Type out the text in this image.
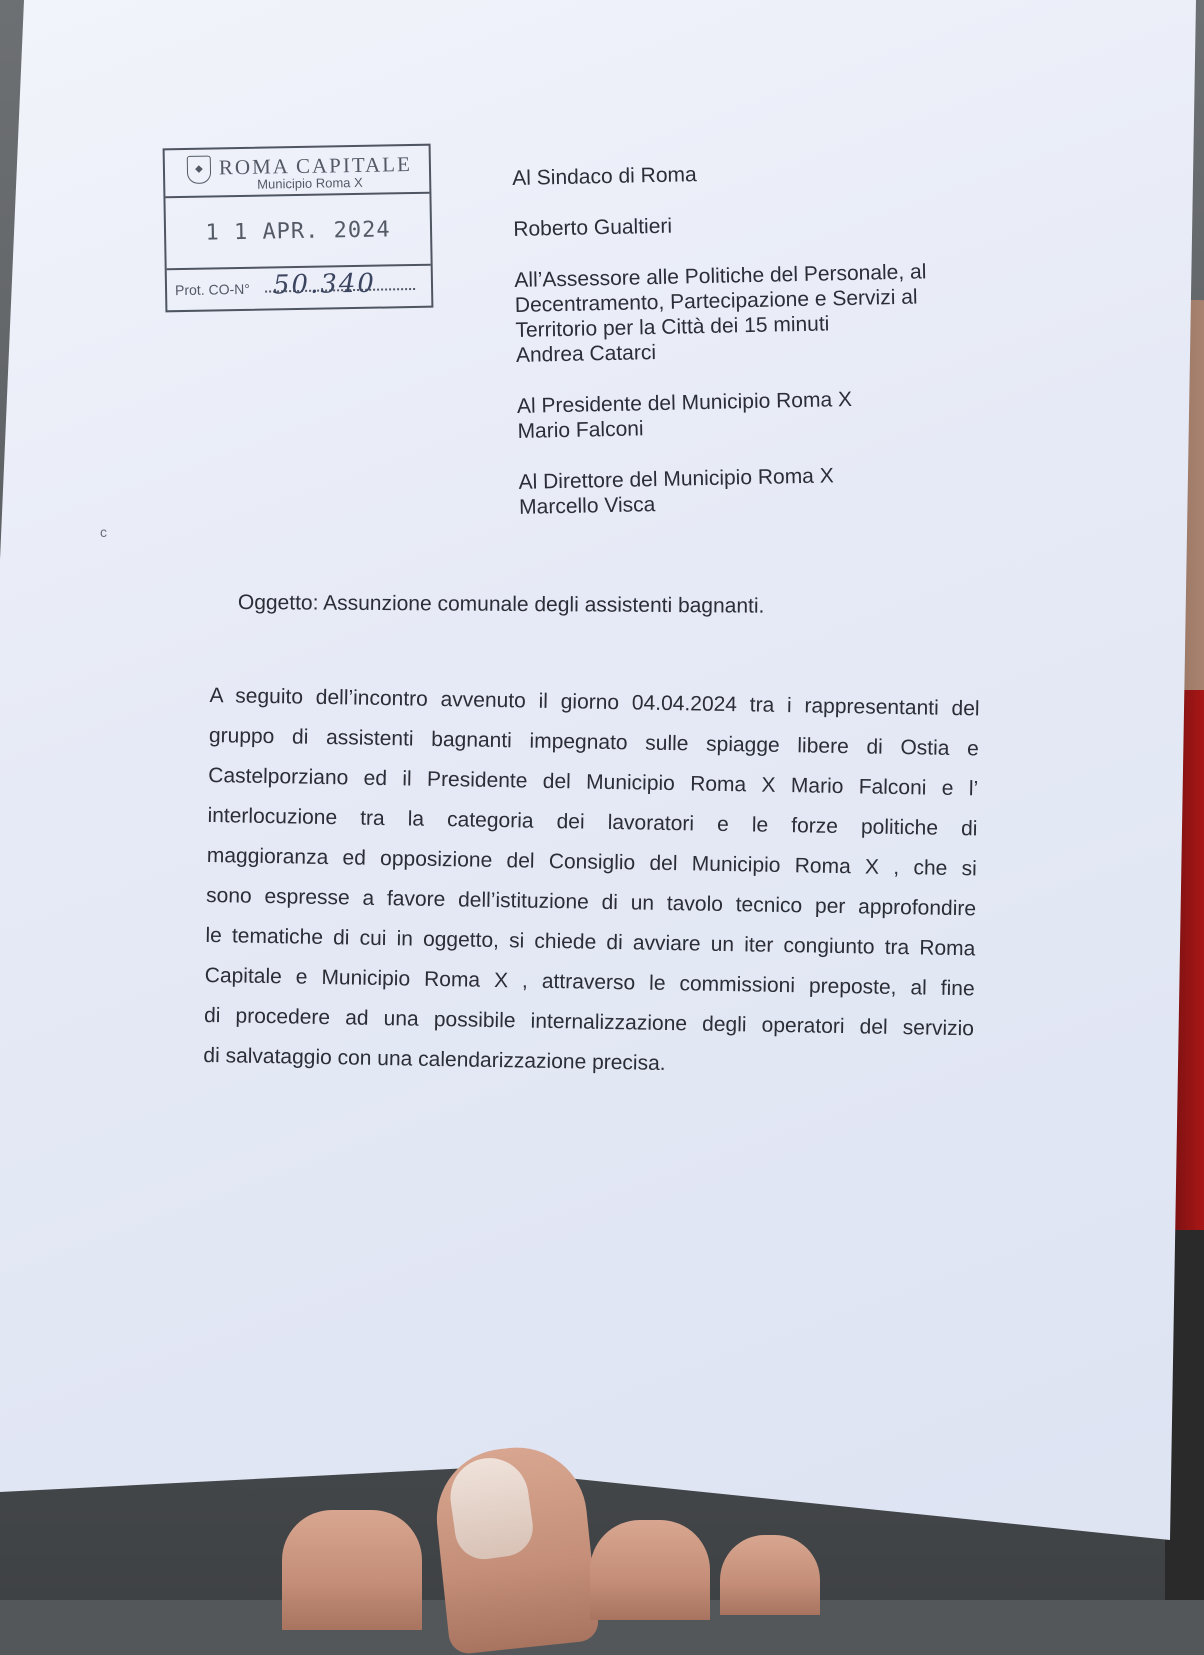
◆ ROMA CAPITALE
Municipio Roma X
1 1 APR. 2024
Prot. CO-N° 50.340
Al Sindaco di Roma
Roberto Gualtieri
All’Assessore alle Politiche del Personale, al
Decentramento, Partecipazione e Servizi al
Territorio per la Città dei 15 minuti
Andrea Catarci
Al Presidente del Municipio Roma X
Mario Falconi
Al Direttore del Municipio Roma X
Marcello Visca
c
Oggetto: Assunzione comunale degli assistenti bagnanti.
A seguito dell’incontro avvenuto il giorno 04.04.2024 tra i rappresentanti del
gruppo di assistenti bagnanti impegnato sulle spiagge libere di Ostia e
Castelporziano ed il Presidente del Municipio Roma X Mario Falconi e l’
interlocuzione tra la categoria dei lavoratori e le forze politiche di
maggioranza ed opposizione del Consiglio del Municipio Roma X , che si
sono espresse a favore dell’istituzione di un tavolo tecnico per approfondire
le tematiche di cui in oggetto, si chiede di avviare un iter congiunto tra Roma
Capitale e Municipio Roma X , attraverso le commissioni preposte, al fine
di procedere ad una possibile internalizzazione degli operatori del servizio
di salvataggio con una calendarizzazione precisa.
